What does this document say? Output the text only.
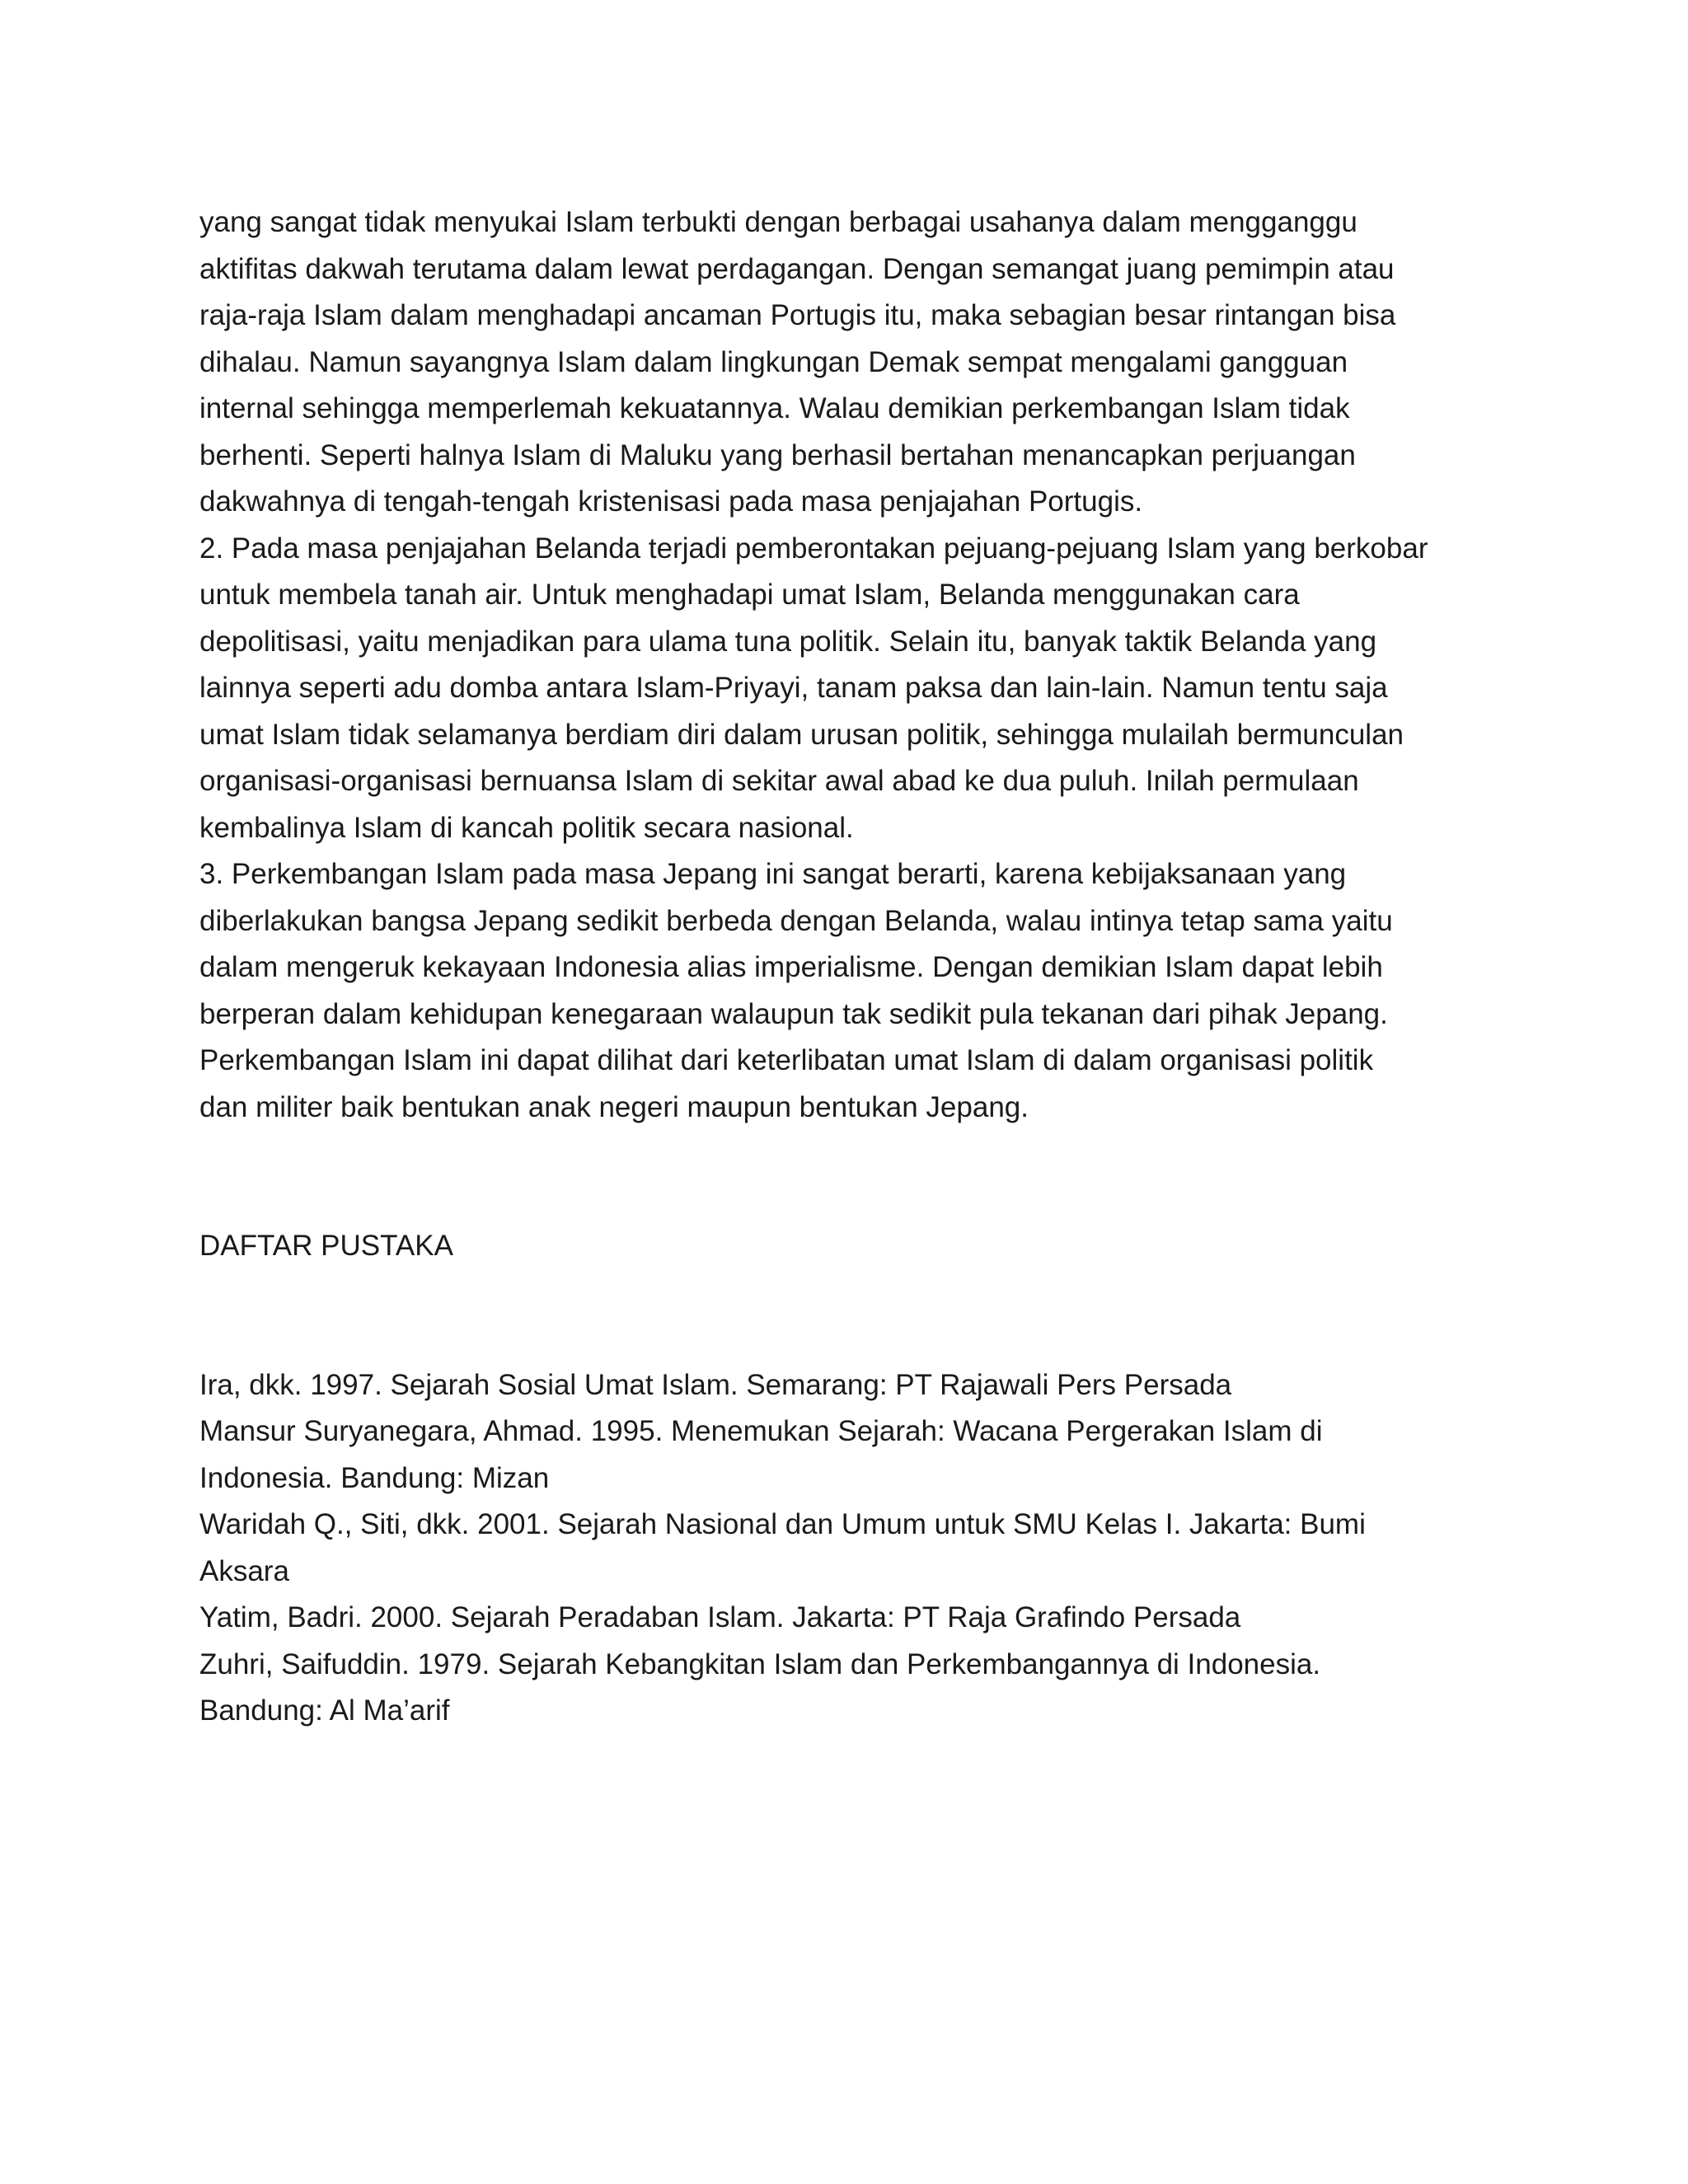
yang sangat tidak menyukai Islam terbukti dengan berbagai usahanya dalam mengganggu
aktifitas dakwah terutama dalam lewat perdagangan. Dengan semangat juang pemimpin atau
raja-raja Islam dalam menghadapi ancaman Portugis itu, maka sebagian besar rintangan bisa
dihalau. Namun sayangnya Islam dalam lingkungan Demak sempat mengalami gangguan
internal sehingga memperlemah kekuatannya. Walau demikian perkembangan Islam tidak
berhenti. Seperti halnya Islam di Maluku yang berhasil bertahan menancapkan perjuangan
dakwahnya di tengah-tengah kristenisasi pada masa penjajahan Portugis.
2. Pada masa penjajahan Belanda terjadi pemberontakan pejuang-pejuang Islam yang berkobar
untuk membela tanah air. Untuk menghadapi umat Islam, Belanda menggunakan cara
depolitisasi, yaitu menjadikan para ulama tuna politik. Selain itu, banyak taktik Belanda yang
lainnya seperti adu domba antara Islam-Priyayi, tanam paksa dan lain-lain. Namun tentu saja
umat Islam tidak selamanya berdiam diri dalam urusan politik, sehingga mulailah bermunculan
organisasi-organisasi bernuansa Islam di sekitar awal abad ke dua puluh. Inilah permulaan
kembalinya Islam di kancah politik secara nasional.
3. Perkembangan Islam pada masa Jepang ini sangat berarti, karena kebijaksanaan yang
diberlakukan bangsa Jepang sedikit berbeda dengan Belanda, walau intinya tetap sama yaitu
dalam mengeruk kekayaan Indonesia alias imperialisme. Dengan demikian Islam dapat lebih
berperan dalam kehidupan kenegaraan walaupun tak sedikit pula tekanan dari pihak Jepang.
Perkembangan Islam ini dapat dilihat dari keterlibatan umat Islam di dalam organisasi politik
dan militer baik bentukan anak negeri maupun bentukan Jepang.
DAFTAR PUSTAKA
Ira, dkk. 1997. Sejarah Sosial Umat Islam. Semarang: PT Rajawali Pers Persada
Mansur Suryanegara, Ahmad. 1995. Menemukan Sejarah: Wacana Pergerakan Islam di
Indonesia. Bandung: Mizan
Waridah Q., Siti, dkk. 2001. Sejarah Nasional dan Umum untuk SMU Kelas I. Jakarta: Bumi
Aksara
Yatim, Badri. 2000. Sejarah Peradaban Islam. Jakarta: PT Raja Grafindo Persada
Zuhri, Saifuddin. 1979. Sejarah Kebangkitan Islam dan Perkembangannya di Indonesia.
Bandung: Al Ma’arif
